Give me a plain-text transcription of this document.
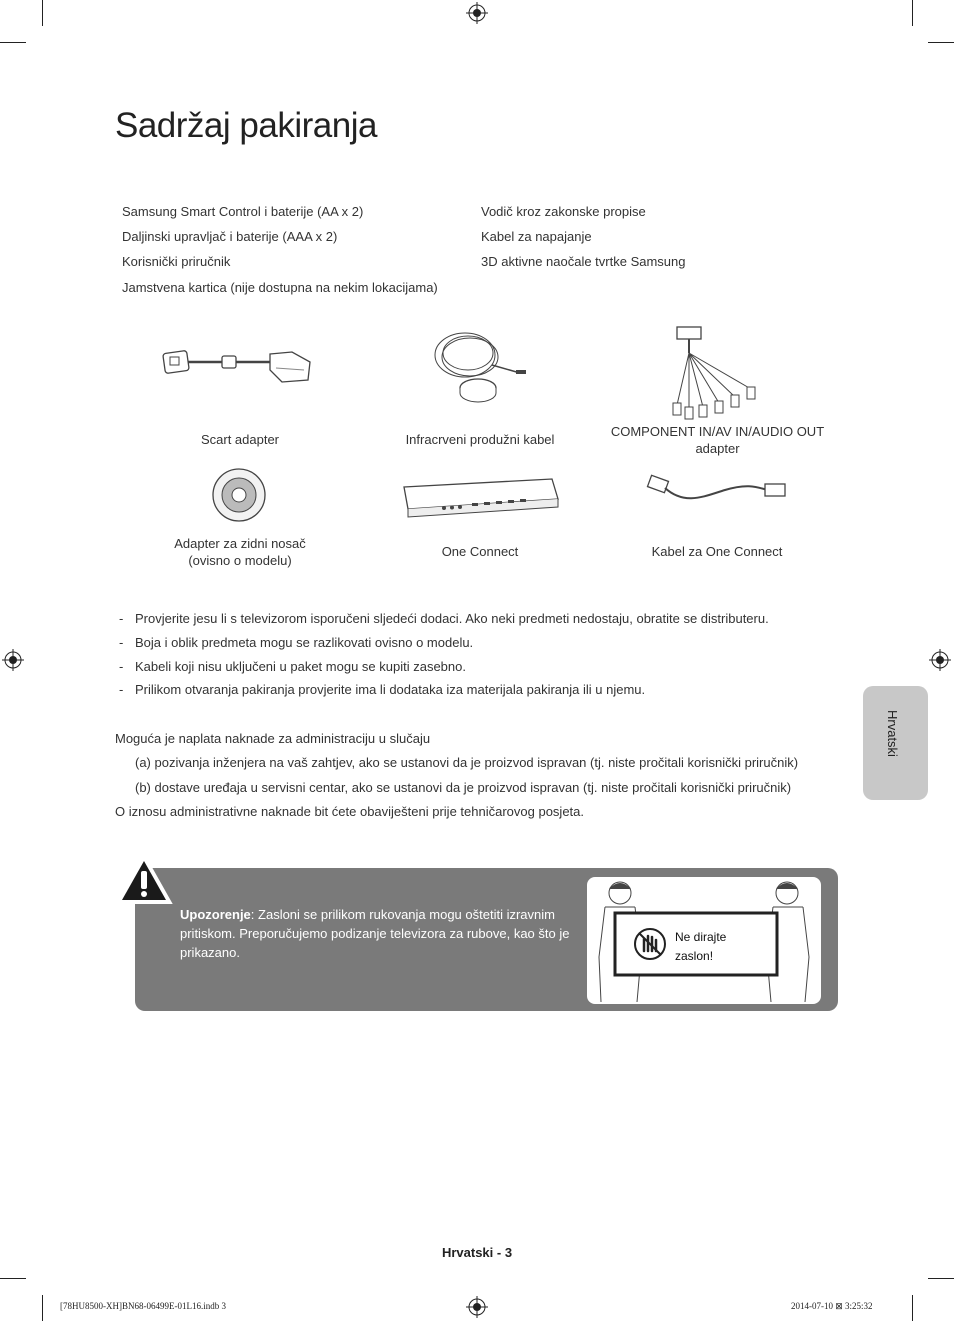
Sadržaj pakiranja
Samsung Smart Control i baterije (AA x 2)
Daljinski upravljač i baterije (AAA x 2)
Korisnički priručnik
Jamstvena kartica (nije dostupna na nekim lokacijama)
Vodič kroz zakonske propise
Kabel za napajanje
3D aktivne naočale tvrtke Samsung
Scart adapter	Infracrveni produžni kabel
COMPONENT IN/AV IN/AUDIO OUT
adapter
Adapter za zidni nosač
(ovisno o modelu)
One Connect	Kabel za One Connect
- Provjerite jesu li s televizorom isporučeni sljedeći dodaci. Ako neki predmeti nedostaju, obratite se distributeru.
- Boja i oblik predmeta mogu se razlikovati ovisno o modelu.
- Kabeli koji nisu uključeni u paket mogu se kupiti zasebno.
- Prilikom otvaranja pakiranja provjerite ima li dodataka iza materijala pakiranja ili u njemu.
Moguća je naplata naknade za administraciju u slučaju
(a) pozivanja inženjera na vaš zahtjev, ako se ustanovi da je proizvod ispravan (tj. niste pročitali korisnički priručnik)
(b) dostave uređaja u servisni centar, ako se ustanovi da je proizvod ispravan (tj. niste pročitali korisnički priručnik)
O iznosu administrativne naknade bit ćete obaviješteni prije tehničarovog posjeta.
Upozorenje: Zasloni se prilikom rukovanja mogu oštetiti izravnim pritiskom. Preporučujemo podizanje televizora za rubove, kao što je prikazano.
Ne dirajte
zaslon!
Hrvatski
Hrvatski - 3
[78HU8500-XH]BN68-06499E-01L16.indb 3	2014-07-10 ⊠ 3:25:32
